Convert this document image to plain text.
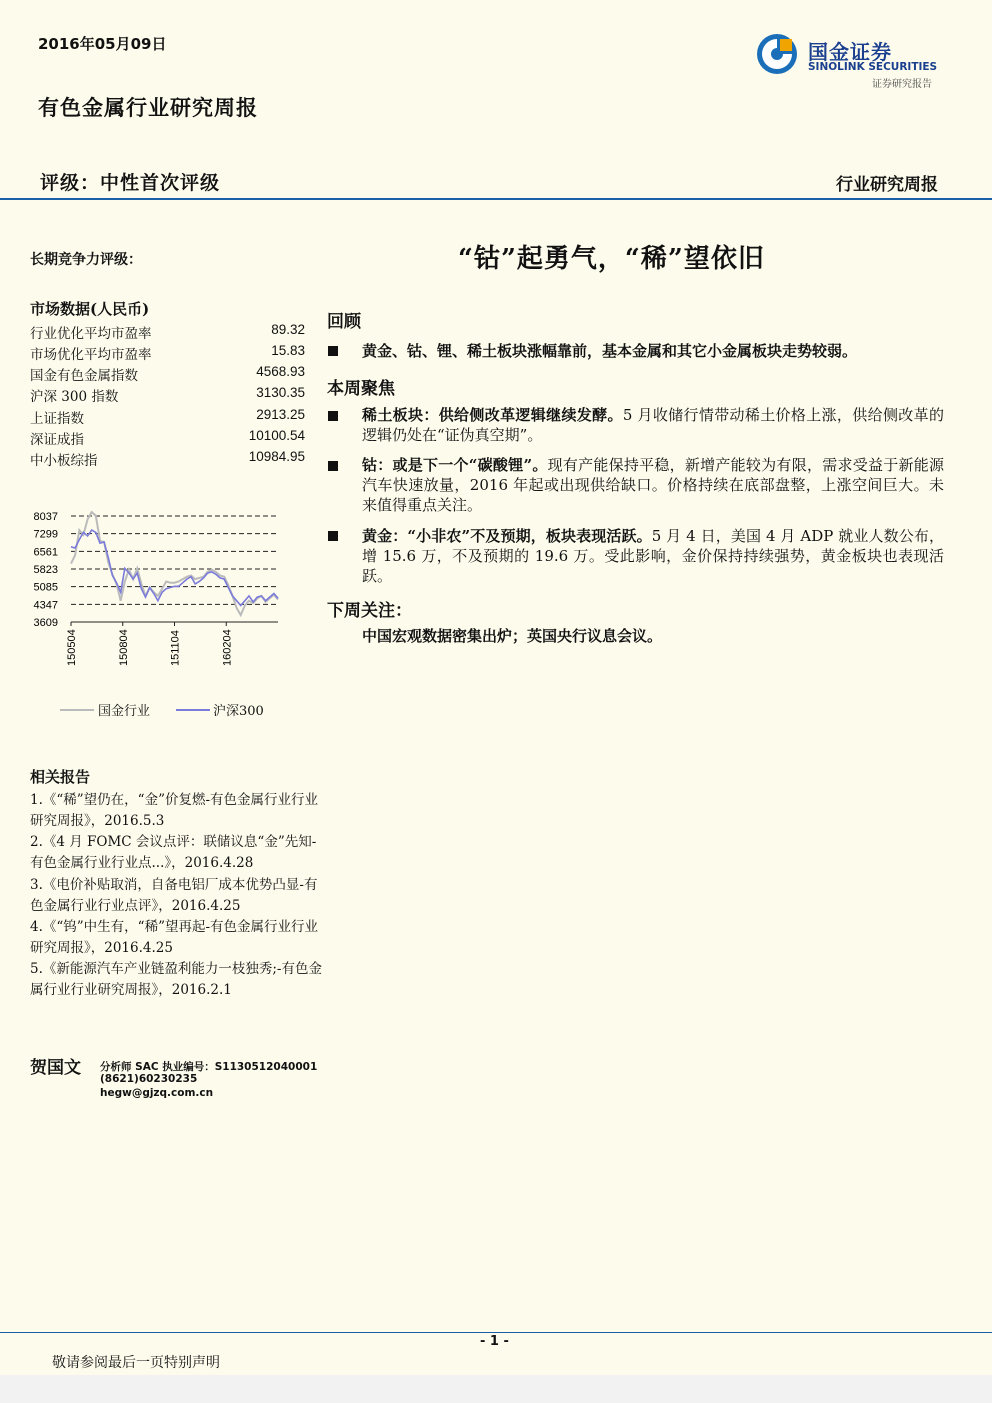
2016年05月09日
有色金属行业研究周报
国金证券
SINOLINK SECURITIES
证券研究报告
评级：中性首次评级	行业研究周报
长期竞争力评级：
市场数据(人民币)
行业优化平均市盈率	89.32
市场优化平均市盈率	15.83
国金有色金属指数	4568.93
沪深 300 指数	3130.35
上证指数	2913.25
深证成指	10100.54
中小板综指	10984.95
8037
7299
6561
5823
5085
4347
3609
150504	150804	151104	160204
国金行业	沪深300
相关报告
1.《“稀”望仍在，“金”价复燃-有色金属行业行业研究周报》，2016.5.3
2.《4 月 FOMC 会议点评：联储议息“金”先知-有色金属行业行业点...》，2016.4.28
3.《电价补贴取消，自备电铝厂成本优势凸显-有色金属行业行业点评》，2016.4.25
4.《“钨”中生有，“稀”望再起-有色金属行业行业研究周报》，2016.4.25
5.《新能源汽车产业链盈利能力一枝独秀;-有色金属行业行业研究周报》，2016.2.1
贺国文 分析师 SAC 执业编号：S1130512040001
(8621)60230235
hegw@gjzq.com.cn
“钴”起勇气，“稀”望依旧
回顾
黄金、钴、锂、稀土板块涨幅靠前，基本金属和其它小金属板块走势较弱。
本周聚焦
稀土板块：供给侧改革逻辑继续发酵。5 月收储行情带动稀土价格上涨，供给侧改革的逻辑仍处在“证伪真空期”。
钴：或是下一个“碳酸锂”。现有产能保持平稳，新增产能较为有限，需求受益于新能源汽车快速放量，2016 年起或出现供给缺口。价格持续在底部盘整，上涨空间巨大。未来值得重点关注。
黄金：“小非农”不及预期，板块表现活跃。5 月 4 日，美国 4 月 ADP 就业人数公布，增 15.6 万，不及预期的 19.6 万。受此影响，金价保持持续强势，黄金板块也表现活跃。
下周关注：
中国宏观数据密集出炉；英国央行议息会议。
- 1 -
敬请参阅最后一页特别声明
